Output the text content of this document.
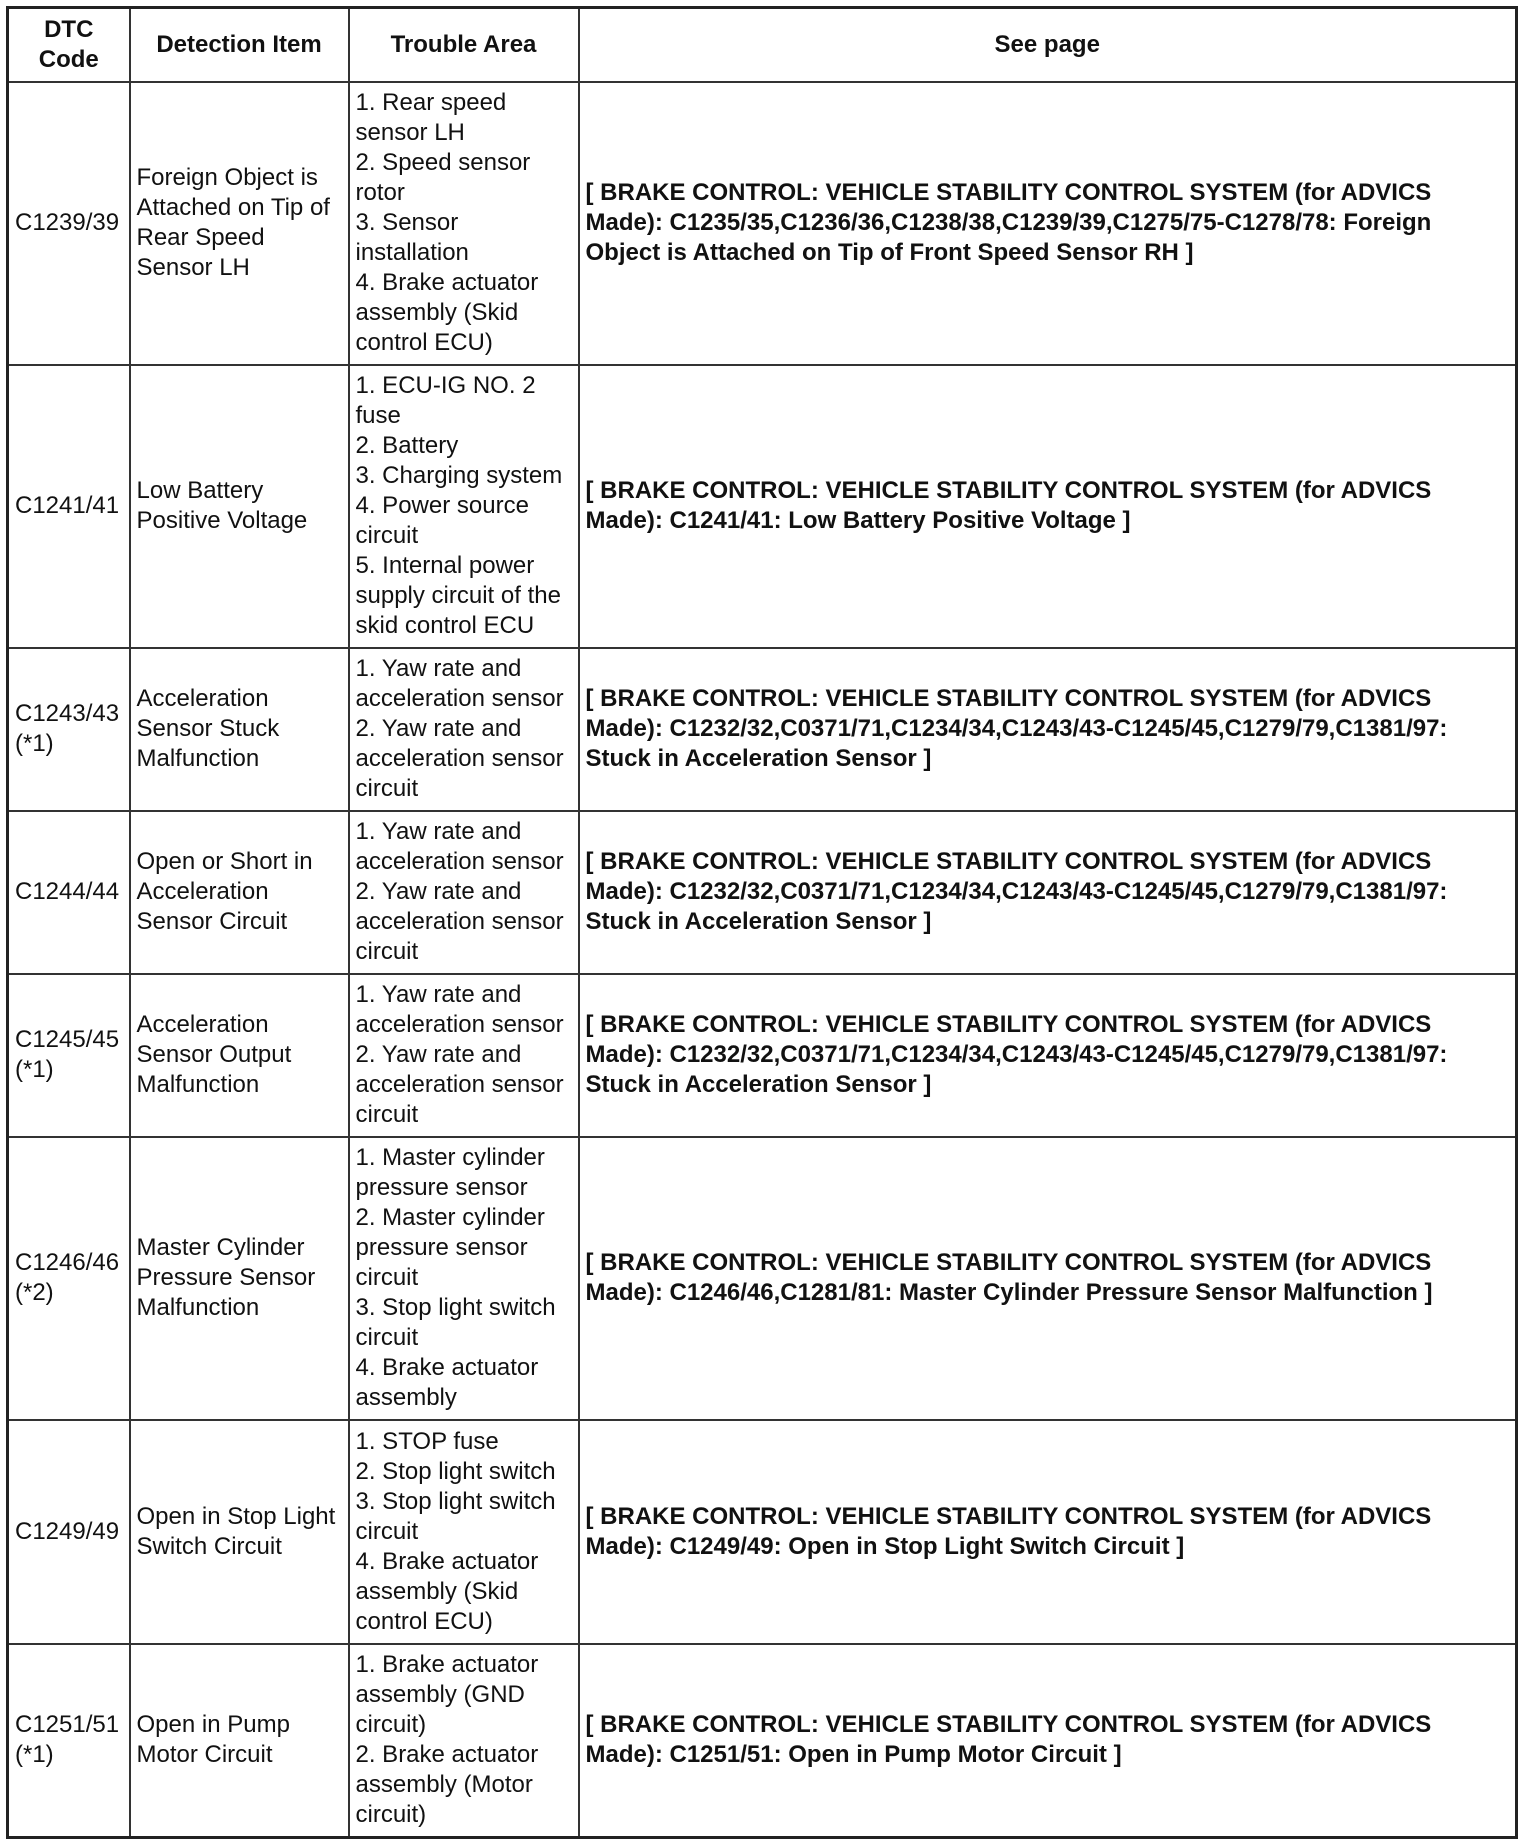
DTC
Code	Detection Item	Trouble Area	See page

C1239/39	Foreign Object is Attached on Tip of Rear Speed Sensor LH	1. Rear speed sensor LH
2. Speed sensor rotor
3. Sensor installation
4. Brake actuator assembly (Skid control ECU)	[ BRAKE CONTROL: VEHICLE STABILITY CONTROL SYSTEM (for ADVICS Made): C1235/35,C1236/36,C1238/38,C1239/39,C1275/75-C1278/78: Foreign Object is Attached on Tip of Front Speed Sensor RH ]

C1241/41	Low Battery Positive Voltage	1. ECU-IG NO. 2 fuse
2. Battery
3. Charging system
4. Power source circuit
5. Internal power supply circuit of the skid control ECU	[ BRAKE CONTROL: VEHICLE STABILITY CONTROL SYSTEM (for ADVICS Made): C1241/41: Low Battery Positive Voltage ]

C1243/43
(*1)	Acceleration Sensor Stuck Malfunction	1. Yaw rate and acceleration sensor
2. Yaw rate and acceleration sensor circuit	[ BRAKE CONTROL: VEHICLE STABILITY CONTROL SYSTEM (for ADVICS Made): C1232/32,C0371/71,C1234/34,C1243/43-C1245/45,C1279/79,C1381/97: Stuck in Acceleration Sensor ]

C1244/44	Open or Short in Acceleration Sensor Circuit	1. Yaw rate and acceleration sensor
2. Yaw rate and acceleration sensor circuit	[ BRAKE CONTROL: VEHICLE STABILITY CONTROL SYSTEM (for ADVICS Made): C1232/32,C0371/71,C1234/34,C1243/43-C1245/45,C1279/79,C1381/97: Stuck in Acceleration Sensor ]

C1245/45
(*1)	Acceleration Sensor Output Malfunction	1. Yaw rate and acceleration sensor
2. Yaw rate and acceleration sensor circuit	[ BRAKE CONTROL: VEHICLE STABILITY CONTROL SYSTEM (for ADVICS Made): C1232/32,C0371/71,C1234/34,C1243/43-C1245/45,C1279/79,C1381/97: Stuck in Acceleration Sensor ]

C1246/46
(*2)	Master Cylinder Pressure Sensor Malfunction	1. Master cylinder pressure sensor
2. Master cylinder pressure sensor circuit
3. Stop light switch circuit
4. Brake actuator assembly	[ BRAKE CONTROL: VEHICLE STABILITY CONTROL SYSTEM (for ADVICS Made): C1246/46,C1281/81: Master Cylinder Pressure Sensor Malfunction ]

C1249/49	Open in Stop Light Switch Circuit	1. STOP fuse
2. Stop light switch
3. Stop light switch circuit
4. Brake actuator assembly (Skid control ECU)	[ BRAKE CONTROL: VEHICLE STABILITY CONTROL SYSTEM (for ADVICS Made): C1249/49: Open in Stop Light Switch Circuit ]

C1251/51
(*1)	Open in Pump Motor Circuit	1. Brake actuator assembly (GND circuit)
2. Brake actuator assembly (Motor circuit)	[ BRAKE CONTROL: VEHICLE STABILITY CONTROL SYSTEM (for ADVICS Made): C1251/51: Open in Pump Motor Circuit ]
